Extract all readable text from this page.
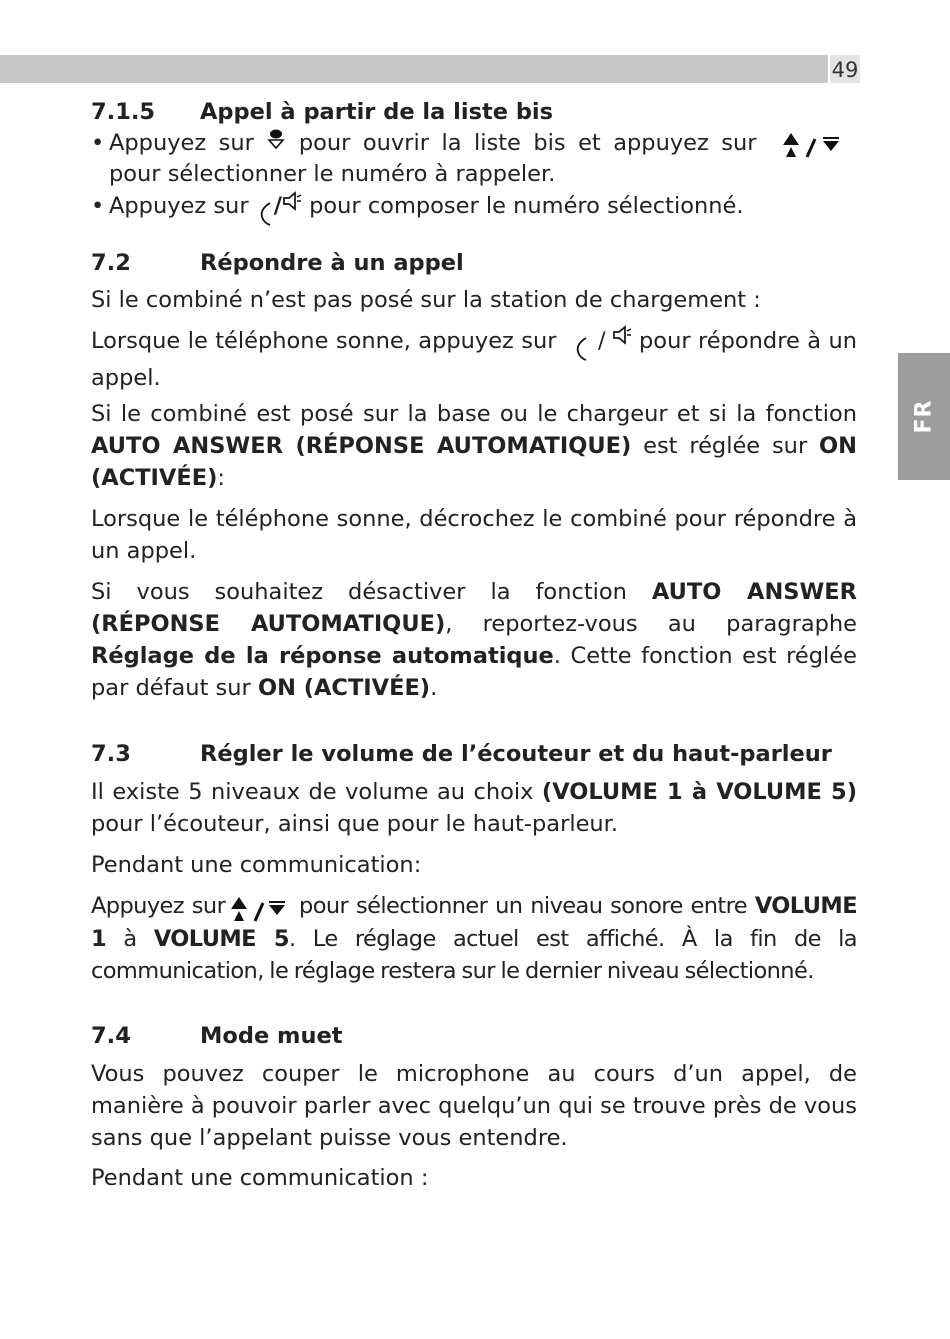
49
FR
7.1.5 Appel à partir de la liste bis
• Appuyez sur  pour ouvrir la liste bis et appuyez sur  pour sélectionner le numéro à rappeler.
• Appuyez sur / pour composer le numéro sélectionné.
7.2	Répondre à un appel
Si le combiné n’est pas posé sur la station de chargement :
Lorsque le téléphone sonne, appuyez sur / pour répondre à un appel.
Si le combiné est posé sur la base ou le chargeur et si la fonction AUTO ANSWER (RÉPONSE AUTOMATIQUE) est réglée sur ON (ACTIVÉE):
Lorsque le téléphone sonne, décrochez le combiné pour répondre à un appel.
Si vous souhaitez désactiver la fonction AUTO ANSWER (RÉPONSE AUTOMATIQUE), reportez-vous au paragraphe Réglage de la réponse automatique. Cette fonction est réglée par défaut sur ON (ACTIVÉE).
7.3	Régler le volume de l’écouteur et du haut-parleur
Il existe 5 niveaux de volume au choix (VOLUME 1 à VOLUME 5) pour l’écouteur, ainsi que pour le haut-parleur.
Pendant une communication:
Appuyez sur	pour sélectionner un niveau sonore entre VOLUME 1 à VOLUME 5. Le réglage actuel est affiché. À la fin de la communication, le réglage restera sur le dernier niveau sélectionné.
7.4	Mode muet
Vous pouvez couper le microphone au cours d’un appel, de manière à pouvoir parler avec quelqu’un qui se trouve près de vous sans que l’appelant puisse vous entendre.
Pendant une communication :
